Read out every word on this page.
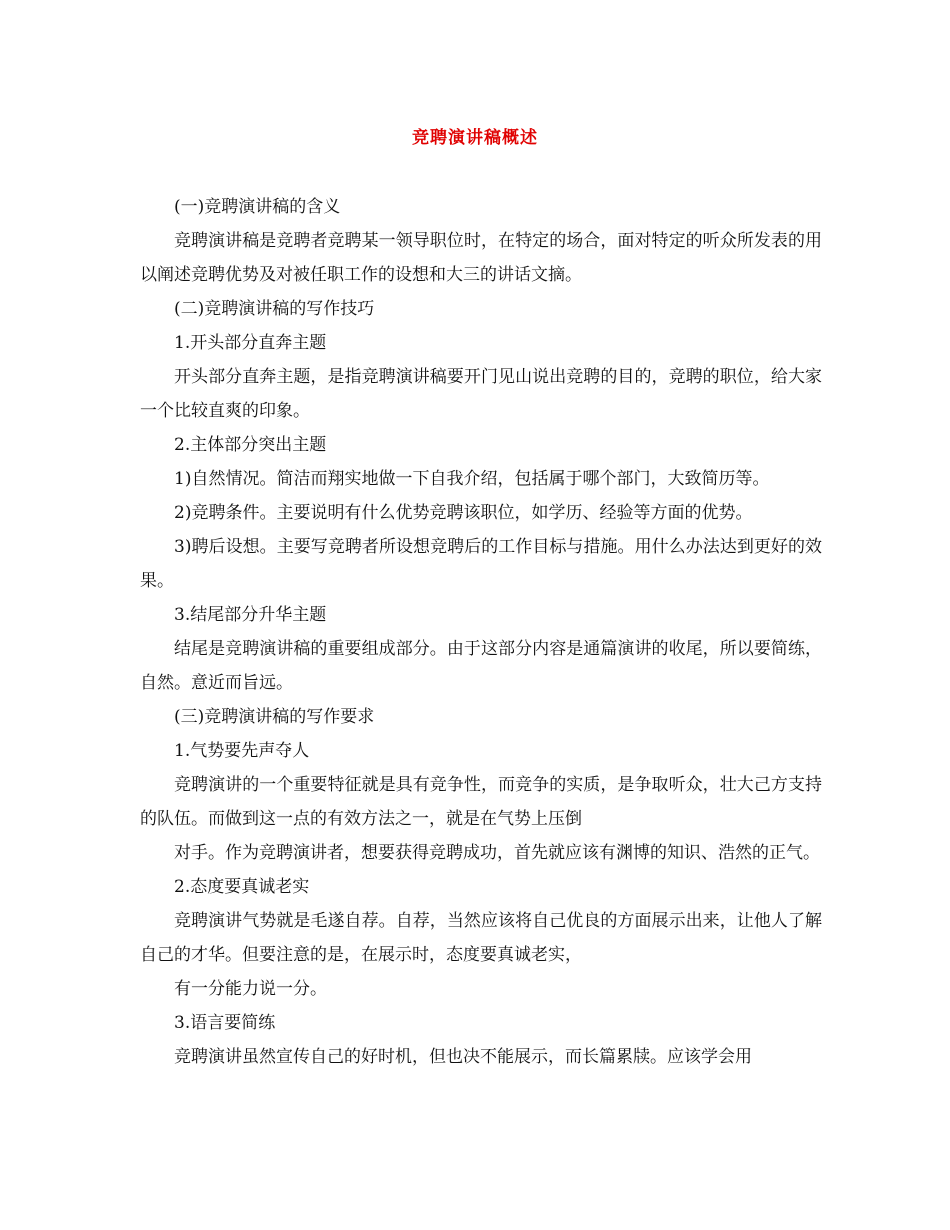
竞聘演讲稿概述

(一)竞聘演讲稿的含义

竞聘演讲稿是竞聘者竞聘某一领导职位时，在特定的场合，面对特定的听众所发表的用以阐述竞聘优势及对被任职工作的设想和大三的讲话文摘。

(二)竞聘演讲稿的写作技巧

1.开头部分直奔主题

开头部分直奔主题，是指竞聘演讲稿要开门见山说出竞聘的目的，竞聘的职位，给大家一个比较直爽的印象。

2.主体部分突出主题

1)自然情况。简洁而翔实地做一下自我介绍，包括属于哪个部门，大致简历等。

2)竞聘条件。主要说明有什么优势竞聘该职位，如学历、经验等方面的优势。

3)聘后设想。主要写竞聘者所设想竞聘后的工作目标与措施。用什么办法达到更好的效果。

3.结尾部分升华主题

结尾是竞聘演讲稿的重要组成部分。由于这部分内容是通篇演讲的收尾，所以要简练，自然。意近而旨远。

(三)竞聘演讲稿的写作要求

1.气势要先声夺人

竞聘演讲的一个重要特征就是具有竞争性，而竞争的实质，是争取听众，壮大己方支持的队伍。而做到这一点的有效方法之一，就是在气势上压倒

对手。作为竞聘演讲者，想要获得竞聘成功，首先就应该有渊博的知识、浩然的正气。

2.态度要真诚老实

竞聘演讲气势就是毛遂自荐。自荐，当然应该将自己优良的方面展示出来，让他人了解自己的才华。但要注意的是，在展示时，态度要真诚老实，

有一分能力说一分。

3.语言要简练

竞聘演讲虽然宣传自己的好时机，但也决不能展示，而长篇累牍。应该学会用
